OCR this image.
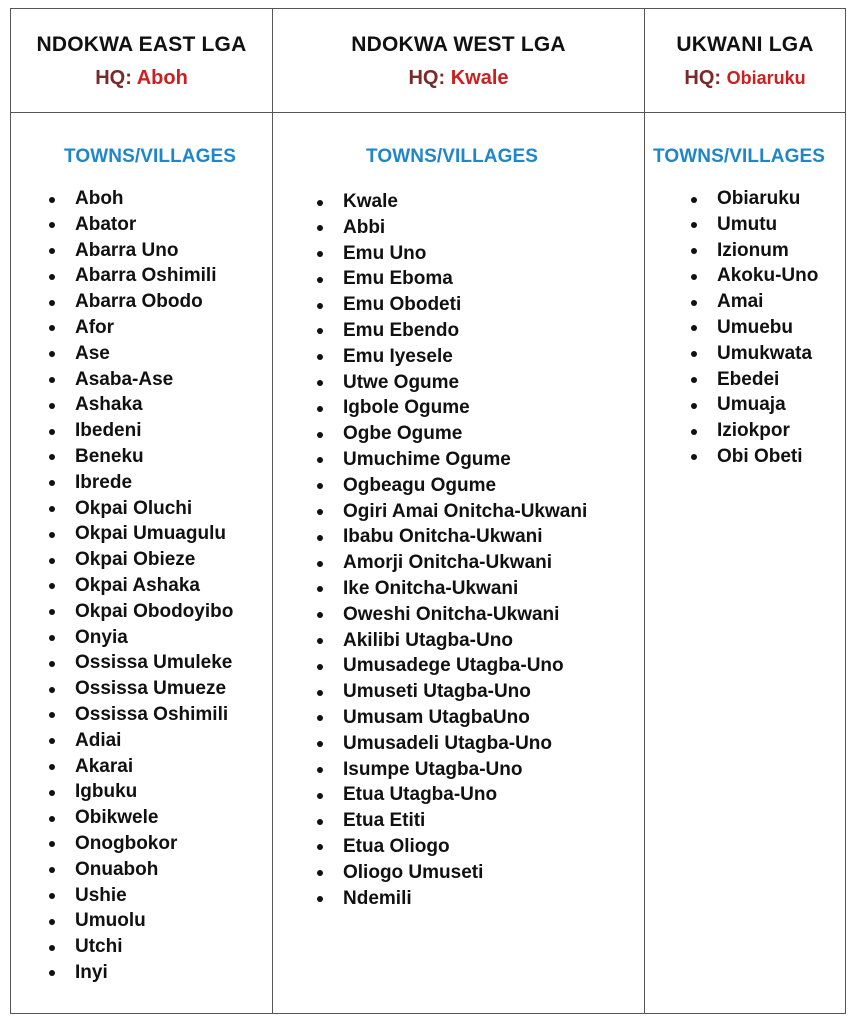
NDOKWA EAST LGA
HQ: Aboh
TOWNS/VILLAGES
Aboh
Abator
Abarra Uno
Abarra Oshimili
Abarra Obodo
Afor
Ase
Asaba-Ase
Ashaka
Ibedeni
Beneku
Ibrede
Okpai Oluchi
Okpai Umuagulu
Okpai Obieze
Okpai Ashaka
Okpai Obodoyibo
Onyia
Ossissa Umuleke
Ossissa Umueze
Ossissa Oshimili
Adiai
Akarai
Igbuku
Obikwele
Onogbokor
Onuaboh
Ushie
Umuolu
Utchi
Inyi
NDOKWA WEST LGA
HQ: Kwale
TOWNS/VILLAGES
Kwale
Abbi
Emu Uno
Emu Eboma
Emu Obodeti
Emu Ebendo
Emu Iyesele
Utwe Ogume
Igbole Ogume
Ogbe Ogume
Umuchime Ogume
Ogbeagu Ogume
Ogiri Amai Onitcha-Ukwani
Ibabu Onitcha-Ukwani
Amorji Onitcha-Ukwani
Ike Onitcha-Ukwani
Oweshi Onitcha-Ukwani
Akilibi Utagba-Uno
Umusadege Utagba-Uno
Umuseti Utagba-Uno
Umusam UtagbaUno
Umusadeli Utagba-Uno
Isumpe Utagba-Uno
Etua Utagba-Uno
Etua Etiti
Etua Oliogo
Oliogo Umuseti
Ndemili
UKWANI LGA
HQ: Obiaruku
TOWNS/VILLAGES
Obiaruku
Umutu
Izionum
Akoku-Uno
Amai
Umuebu
Umukwata
Ebedei
Umuaja
Iziokpor
Obi Obeti
